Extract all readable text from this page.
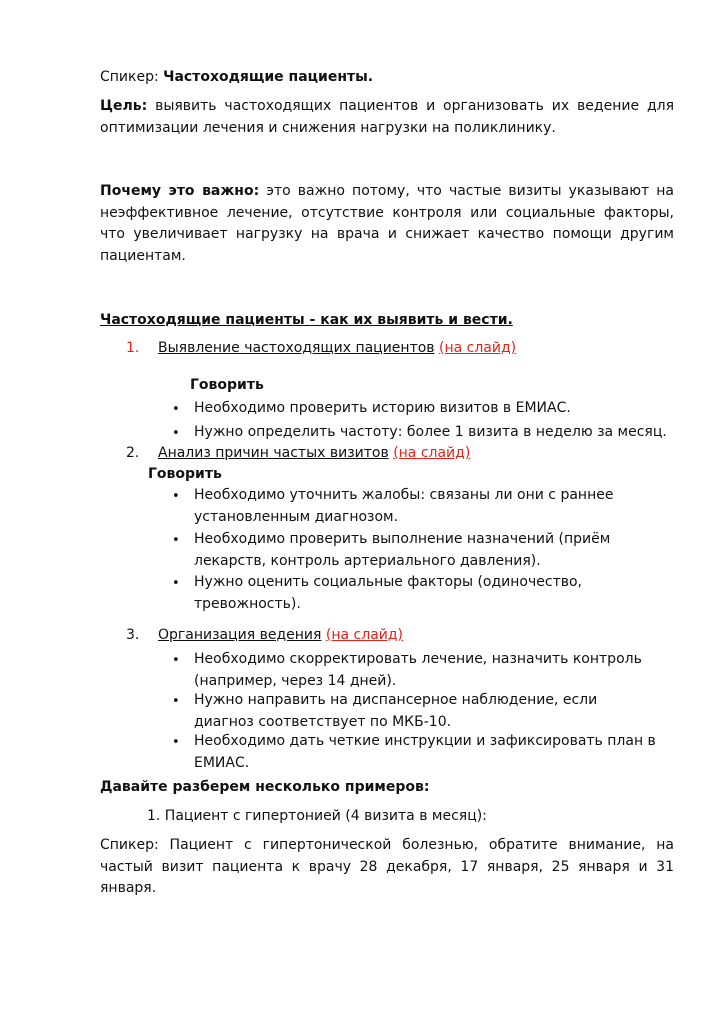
Спикер: Частоходящие пациенты.
Цель: выявить частоходящих пациентов и организовать их ведение для оптимизации лечения и снижения нагрузки на поликлинику.
Почему это важно: это важно потому, что частые визиты указывают на неэффективное лечение, отсутствие контроля или социальные факторы, что увеличивает нагрузку на врача и снижает качество помощи другим пациентам.
Частоходящие пациенты - как их выявить и вести.
1. Выявление частоходящих пациентов (на слайд)
Говорить
• Необходимо проверить историю визитов в ЕМИАС.
• Нужно определить частоту: более 1 визита в неделю за месяц.
2. Анализ причин частых визитов (на слайд)
Говорить
• Необходимо уточнить жалобы: связаны ли они с раннее установленным диагнозом.
• Необходимо проверить выполнение назначений (приём лекарств, контроль артериального давления).
• Нужно оценить социальные факторы (одиночество, тревожность).
3. Организация ведения (на слайд)
• Необходимо скорректировать лечение, назначить контроль (например, через 14 дней).
• Нужно направить на диспансерное наблюдение, если диагноз соответствует по МКБ-10.
• Необходимо дать четкие инструкции и зафиксировать план в ЕМИАС.
Давайте разберем несколько примеров:
1. Пациент с гипертонией (4 визита в месяц):
Спикер: Пациент с гипертонической болезнью, обратите внимание, на частый визит пациента к врачу 28 декабря, 17 января, 25 января и 31 января.
